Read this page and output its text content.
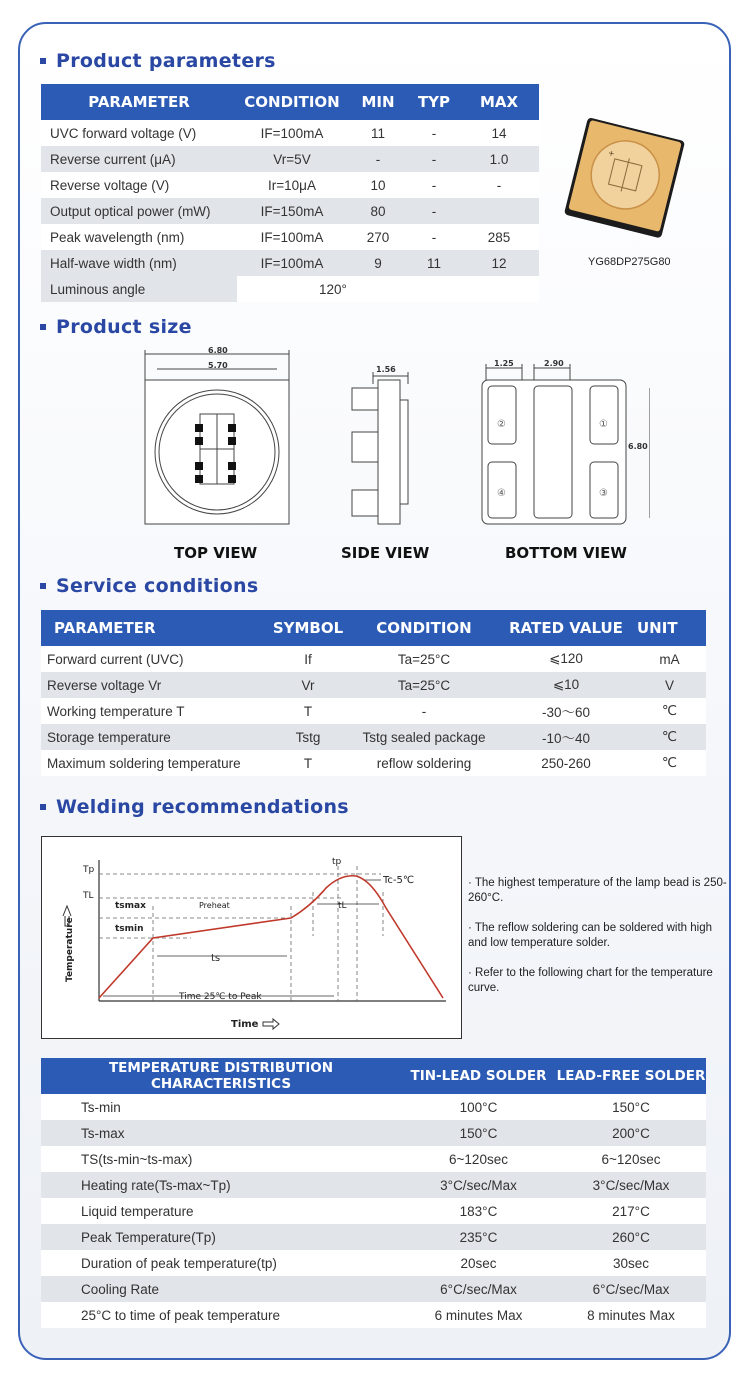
Product parameters
PARAMETER	CONDITION	MIN	TYP	MAX
UVC forward voltage (V)	IF=100mA	11	-	14
Reverse current (μA)	Vr=5V	-	-	1.0
Reverse voltage (V)	Ir=10μA	10	-	-
Output optical power (mW)	IF=150mA	80	-	
Peak wavelength (nm)	IF=100mA	270	-	285
Half-wave width (nm)	IF=100mA	9	11	12
Luminous angle	120°			
+
YG68DP275G80
Product size
6.80
5.70	1.56
1.25	2.90
6.80
②	①
④	③
TOP VIEW	SIDE VIEW	BOTTOM VIEW
Service conditions
PARAMETER	SYMBOL	CONDITION	RATED VALUE	UNIT
Forward current (UVC)	If	Ta=25°C	⩽120	mA
Reverse voltage Vr	Vr	Ta=25°C	⩽10	V
Working temperature T	T	-	-30～60	℃
Storage temperature	Tstg	Tstg sealed package	-10～40	℃
Maximum soldering temperature	T	reflow soldering	250-260	℃
Welding recommendations
Tp
TL
tsmax
tsmin
Preheat
ts
tp
tL
Tc-5℃
Time 25℃ to Peak
Time
Temperature
· The highest temperature of the lamp bead is 250-260°C.
· The reflow soldering can be soldered with high and low temperature solder.
· Refer to the following chart for the temperature curve.
TEMPERATURE DISTRIBUTION CHARACTERISTICS	TIN-LEAD SOLDER	LEAD-FREE SOLDER
Ts-min	100°C	150°C
Ts-max	150°C	200°C
TS(ts-min~ts-max)	6~120sec	6~120sec
Heating rate(Ts-max~Tp)	3°C/sec/Max	3°C/sec/Max
Liquid temperature	183°C	217°C
Peak Temperature(Tp)	235°C	260°C
Duration of peak temperature(tp)	20sec	30sec
Cooling Rate	6°C/sec/Max	6°C/sec/Max
25°C to time of peak temperature	6 minutes Max	8 minutes Max
